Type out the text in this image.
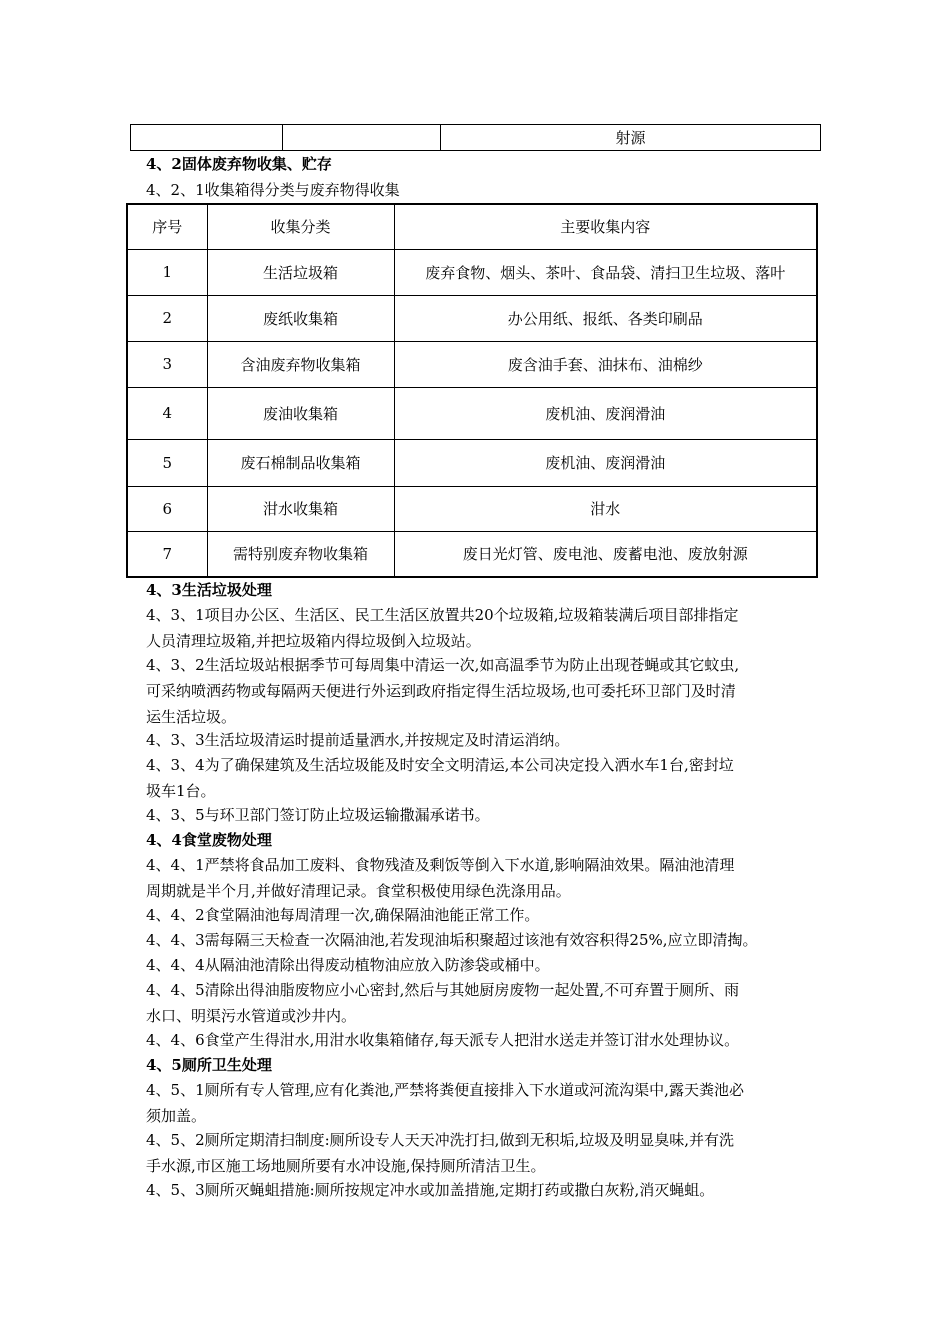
		射源
4、2固体废弃物收集、贮存
4、2、1收集箱得分类与废弃物得收集
序号	收集分类	主要收集内容
1	生活垃圾箱	废弃食物、烟头、茶叶、食品袋、清扫卫生垃圾、落叶
2	废纸收集箱	办公用纸、报纸、各类印刷品
3	含油废弃物收集箱	废含油手套、油抹布、油棉纱
4	废油收集箱	废机油、废润滑油
5	废石棉制品收集箱	废机油、废润滑油
6	泔水收集箱	泔水
7	需特别废弃物收集箱	废日光灯管、废电池、废蓄电池、废放射源
4、3生活垃圾处理
4、3、1项目办公区、生活区、民工生活区放置共20个垃圾箱,垃圾箱装满后项目部排指定
人员清理垃圾箱,并把垃圾箱内得垃圾倒入垃圾站。
4、3、2生活垃圾站根据季节可每周集中清运一次,如高温季节为防止出现苍蝇或其它蚊虫,
可采纳喷洒药物或每隔两天便进行外运到政府指定得生活垃圾场,也可委托环卫部门及时清
运生活垃圾。
4、3、3生活垃圾清运时提前适量洒水,并按规定及时清运消纳。
4、3、4为了确保建筑及生活垃圾能及时安全文明清运,本公司决定投入洒水车1台,密封垃
圾车1台。
4、3、5与环卫部门签订防止垃圾运输撒漏承诺书。
4、4食堂废物处理
4、4、1严禁将食品加工废料、食物残渣及剩饭等倒入下水道,影响隔油效果。隔油池清理
周期就是半个月,并做好清理记录。食堂积极使用绿色洗涤用品。
4、4、2食堂隔油池每周清理一次,确保隔油池能正常工作。
4、4、3需每隔三天检查一次隔油池,若发现油垢积聚超过该池有效容积得25%,应立即清掏。
4、4、4从隔油池清除出得废动植物油应放入防渗袋或桶中。
4、4、5清除出得油脂废物应小心密封,然后与其她厨房废物一起处置,不可弃置于厕所、雨
水口、明渠污水管道或沙井内。
4、4、6食堂产生得泔水,用泔水收集箱储存,每天派专人把泔水送走并签订泔水处理协议。
4、5厕所卫生处理
4、5、1厕所有专人管理,应有化粪池,严禁将粪便直接排入下水道或河流沟渠中,露天粪池必
须加盖。
4、5、2厕所定期清扫制度:厕所设专人天天冲洗打扫,做到无积垢,垃圾及明显臭味,并有洗
手水源,市区施工场地厕所要有水冲设施,保持厕所清洁卫生。
4、5、3厕所灭蝇蛆措施:厕所按规定冲水或加盖措施,定期打药或撒白灰粉,消灭蝇蛆。
